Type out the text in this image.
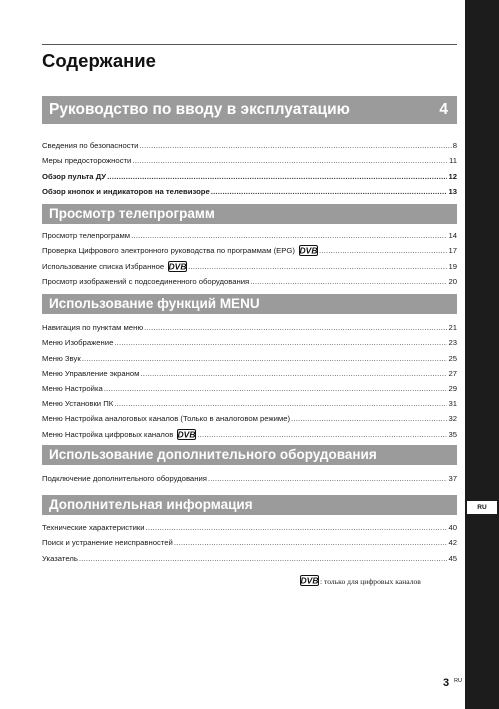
RU
Содержание
Руководство по вводу в эксплуатацию	4
Сведения по безопасности .....	8
Меры предосторожности .....	11
Обзор пульта ДУ .....	12
Обзор кнопок и индикаторов на телевизоре .....	13
Просмотр телепрограмм
Просмотр телепрограмм .....	14
Проверка Цифрового электронного руководства по программам (EPG) DVB .....	17
Использование списка Избранное DVB .....	19
Просмотр изображений с подсоединенного оборудования .....	20
Использование функций MENU
Навигация по пунктам меню .....	21
Меню Изображение .....	23
Меню Звук .....	25
Меню Управление экраном .....	27
Меню Настройка .....	29
Меню Установки ПК .....	31
Меню Настройка аналоговых каналов (Только в аналоговом режиме) .....	32
Меню Настройка цифровых каналов DVB .....	35
Использование дополнительного оборудования
Подключение дополнительного оборудования .....	37
Дополнительная информация
Технические характеристики .....	40
Поиск и устранение неисправностей .....	42
Указатель .....	45
DVB : только для цифровых каналов
3 RU
